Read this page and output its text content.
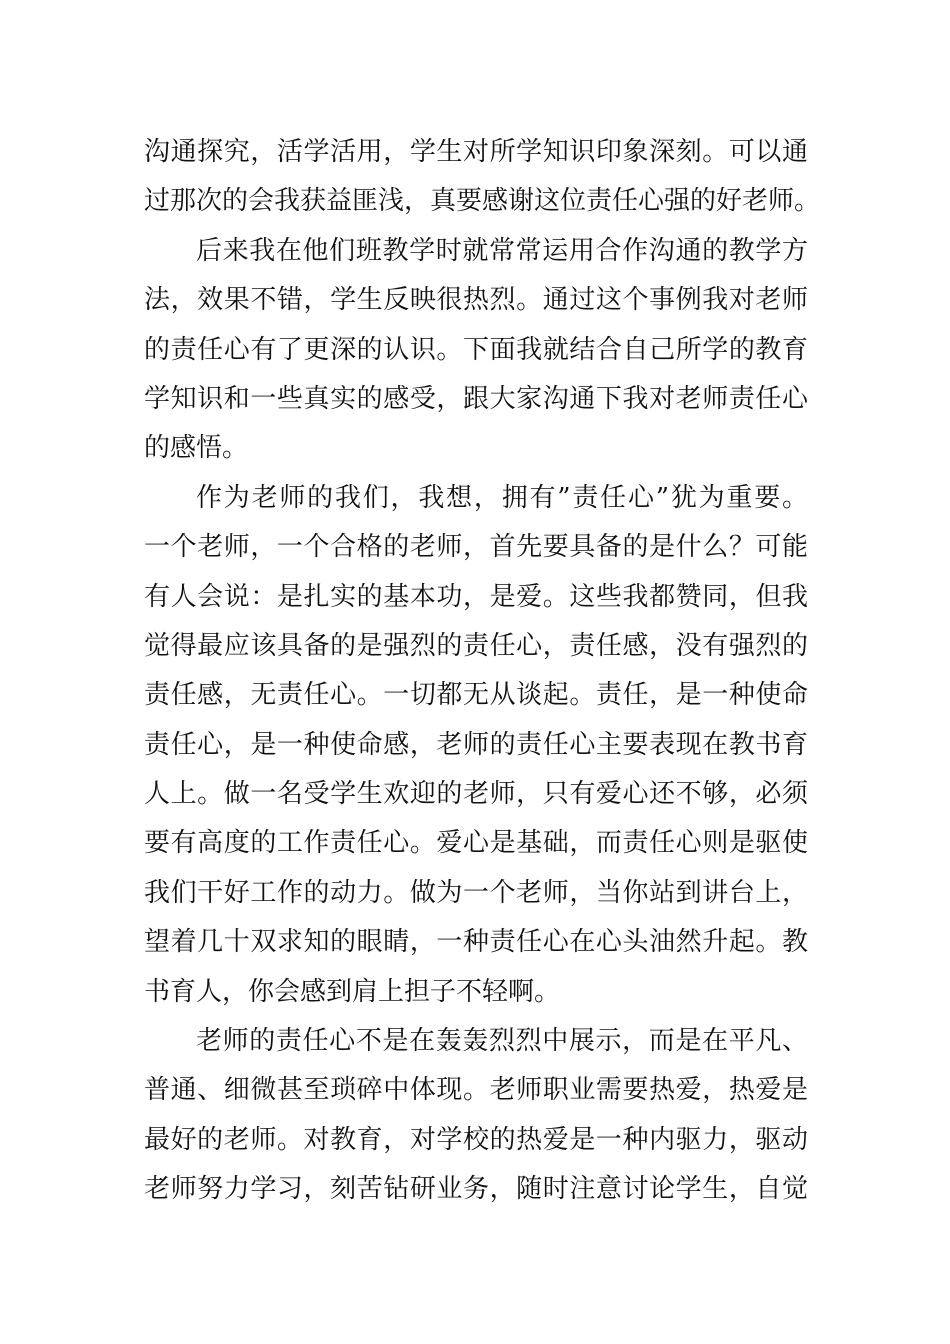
沟通探究，活学活用，学生对所学知识印象深刻。可以通
过那次的会我获益匪浅，真要感谢这位责任心强的好老师。
后来我在他们班教学时就常常运用合作沟通的教学方
法，效果不错，学生反映很热烈。通过这个事例我对老师
的责任心有了更深的认识。下面我就结合自己所学的教育
学知识和一些真实的感受，跟大家沟通下我对老师责任心
的感悟。
作为老师的我们，我想，拥有”责任心”犹为重要。
一个老师，一个合格的老师，首先要具备的是什么？可能
有人会说：是扎实的基本功，是爱。这些我都赞同，但我
觉得最应该具备的是强烈的责任心，责任感，没有强烈的
责任感，无责任心。一切都无从谈起。责任，是一种使命
责任心，是一种使命感，老师的责任心主要表现在教书育
人上。做一名受学生欢迎的老师，只有爱心还不够，必须
要有高度的工作责任心。爱心是基础，而责任心则是驱使
我们干好工作的动力。做为一个老师，当你站到讲台上，
望着几十双求知的眼睛，一种责任心在心头油然升起。教
书育人，你会感到肩上担子不轻啊。
老师的责任心不是在轰轰烈烈中展示，而是在平凡、
普通、细微甚至琐碎中体现。老师职业需要热爱，热爱是
最好的老师。对教育，对学校的热爱是一种内驱力，驱动
老师努力学习，刻苦钻研业务，随时注意讨论学生，自觉
